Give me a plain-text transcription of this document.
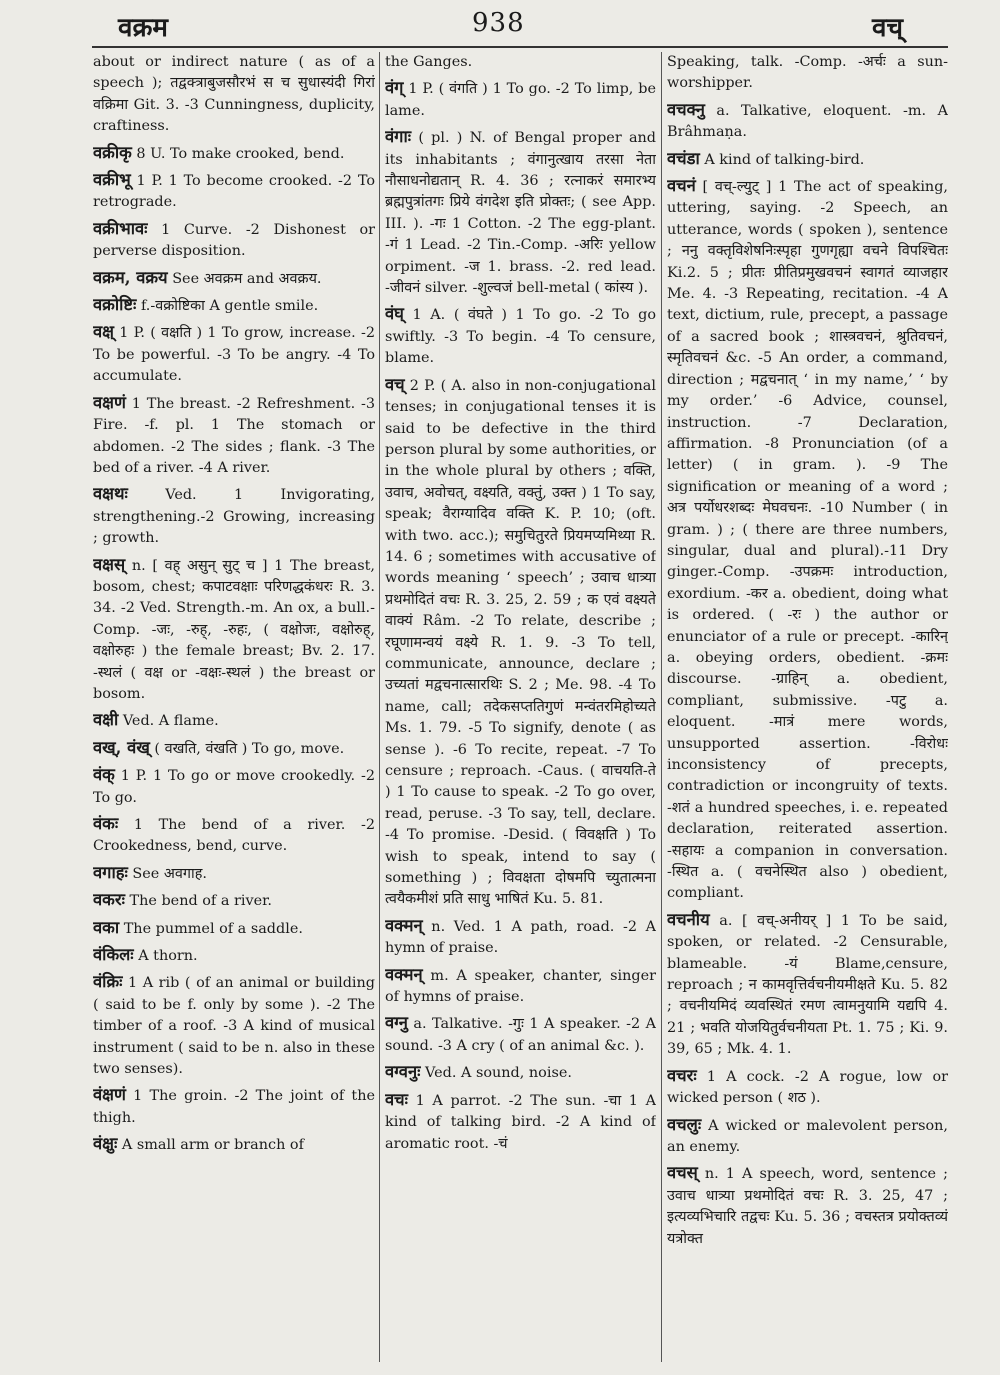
वक्रम	938	वच्

about or indirect nature ( as of a speech ); तद्वक्त्राबुजसौरभं स च सुधास्यंदी गिरां वक्रिमा Git. 3. -3 Cunningness, duplicity, craftiness.

वक्रीकृ 8 U. To make crooked, bend.

वक्रीभू 1 P. 1 To become crooked. -2 To retrograde.

वक्रीभावः 1 Curve. -2 Dishonest or perverse disposition.

वक्रम, वक्रय See अवक्रम and अवक्रय.

वक्रोष्टिः f.-वक्रोष्टिका A gentle smile.

वक्ष् 1 P. ( वक्षति ) 1 To grow, increase. -2 To be powerful. -3 To be angry. -4 To accumulate.

वक्षणं 1 The breast. -2 Refreshment. -3 Fire. -f. pl. 1 The stomach or abdomen. -2 The sides ; flank. -3 The bed of a river. -4 A river.

वक्षथः Ved. 1 Invigorating, strengthening.-2 Growing, increasing ; growth.

वक्षस् n. [ वह् असुन् सुट् च ] 1 The breast, bosom, chest; कपाटवक्षाः परिणद्धकंधरः R. 3. 34. -2 Ved. Strength.-m. An ox, a bull.-Comp. -जः, -रुह्, -रुहः, ( वक्षोजः, वक्षोरुह्, वक्षोरुहः ) the female breast; Bv. 2. 17. -स्थलं ( वक्ष or -वक्षः-स्थलं ) the breast or bosom.

वक्षी Ved. A flame.

वख्, वंख् ( वखति, वंखति ) To go, move.

वंक् 1 P. 1 To go or move crookedly. -2 To go.

वंकः 1 The bend of a river. -2 Crookedness, bend, curve.

वगाहः See अवगाह.

वकरः The bend of a river.

वका The pummel of a saddle.

वंकिलः A thorn.

वंक्रिः 1 A rib ( of an animal or building ( said to be f. only by some ). -2 The timber of a roof. -3 A kind of musical instrument ( said to be n. also in these two senses).

वंक्षणं 1 The groin. -2 The joint of the thigh.

वंक्षुः A small arm or branch of

the Ganges.

वंग् 1 P. ( वंगति ) 1 To go. -2 To limp, be lame.

वंगाः ( pl. ) N. of Bengal proper and its inhabitants ; वंगानुत्खाय तरसा नेता नौसाधनोद्यतान् R. 4. 36 ; रत्नाकरं समारभ्य ब्रह्मपुत्रांतगः प्रिये वंगदेश इति प्रोक्तः; ( see App. III. ). -गः 1 Cotton. -2 The egg-plant. -गं 1 Lead. -2 Tin.-Comp. -अरिः yellow orpiment. -ज 1. brass. -2. red lead. -जीवनं silver. -शुल्वजं bell-metal ( कांस्य ).

वंघ् 1 A. ( वंघते ) 1 To go. -2 To go swiftly. -3 To begin. -4 To censure, blame.

वच् 2 P. ( A. also in non-conjugational tenses; in conjugational tenses it is said to be defective in the third person plural by some authorities, or in the whole plural by others ; वक्ति, उवाच, अवोचत्, वक्ष्यति, वक्तुं, उक्त ) 1 To say, speak; वैराग्यादिव वक्ति K. P. 10; (oft. with two. acc.); समुचितुरते प्रियमप्यमिथ्या R. 14. 6 ; sometimes with accusative of words meaning ‘ speech’ ; उवाच धात्र्या प्रथमोदितं वचः R. 3. 25, 2. 59 ; क एवं वक्ष्यते वाक्यं Râm. -2 To relate, describe ; रघूणामन्वयं वक्ष्ये R. 1. 9. -3 To tell, communicate, announce, declare ; उच्यतां मद्वचनात्सारथिः S. 2 ; Me. 98. -4 To name, call; तदेकसप्ततिगुणं मन्वंतरमिहोच्यते Ms. 1. 79. -5 To signify, denote ( as sense ). -6 To recite, repeat. -7 To censure ; reproach. -Caus. ( वाचयति-ते ) 1 To cause to speak. -2 To go over, read, peruse. -3 To say, tell, declare. -4 To promise. -Desid. ( विवक्षति ) To wish to speak, intend to say ( something ) ; विवक्षता दोषमपि च्युतात्मना त्वयैकमीशं प्रति साधु भाषितं Ku. 5. 81.

वक्मन् n. Ved. 1 A path, road. -2 A hymn of praise.

वक्मन् m. A speaker, chanter, singer of hymns of praise.

वग्नु a. Talkative. -गुः 1 A speaker. -2 A sound. -3 A cry ( of an animal &c. ).

वग्वनुः Ved. A sound, noise.

वचः 1 A parrot. -2 The sun. -चा 1 A kind of talking bird. -2 A kind of aromatic root. -चं

Speaking, talk. -Comp. -अर्चः a sun-worshipper.

वचक्नु a. Talkative, eloquent. -m. A Brâhmaṇa.

वचंडा A kind of talking-bird.

वचनं [ वच्-ल्युट् ] 1 The act of speaking, uttering, saying. -2 Speech, an utterance, words ( spoken ), sentence ; ननु वक्तृविशेषनिःस्पृहा गुणगृह्या वचने विपश्चितः Ki.2. 5 ; प्रीतः प्रीतिप्रमुखवचनं स्वागतं व्याजहार Me. 4. -3 Repeating, recitation. -4 A text, dictium, rule, precept, a passage of a sacred book ; शास्त्रवचनं, श्रुतिवचनं, स्मृतिवचनं &c. -5 An order, a command, direction ; मद्वचनात् ‘ in my name,’ ‘ by my order.’ -6 Advice, counsel, instruction. -7 Declaration, affirmation. -8 Pronunciation (of a letter) ( in gram. ). -9 The signification or meaning of a word ; अत्र पर्योधरशब्दः मेघवचनः. -10 Number ( in gram. ) ; ( there are three numbers, singular, dual and plural).-11 Dry ginger.-Comp. -उपक्रमः introduction, exordium. -कर a. obedient, doing what is ordered. ( -रः ) the author or enunciator of a rule or precept. -कारिन् a. obeying orders, obedient. -क्रमः discourse. -ग्राहिन् a. obedient, compliant, submissive. -पटु a. eloquent. -मात्रं mere words, unsupported assertion. -विरोधः inconsistency of precepts, contradiction or incongruity of texts. -शतं a hundred speeches, i. e. repeated declaration, reiterated assertion. -सहायः a companion in conversation. -स्थित a. ( वचनेस्थित also ) obedient, compliant.

वचनीय a. [ वच्-अनीयर् ] 1 To be said, spoken, or related. -2 Censurable, blameable. -यं Blame,censure, reproach ; न कामवृत्तिर्वचनीयमीक्षते Ku. 5. 82 ; वचनीयमिदं व्यवस्थितं रमण त्वामनुयामि यद्यपि 4. 21 ; भवति योजयितुर्वचनीयता Pt. 1. 75 ; Ki. 9. 39, 65 ; Mk. 4. 1.

वचरः 1 A cock. -2 A rogue, low or wicked person ( शठ ).

वचलुः A wicked or malevolent person, an enemy.

वचस् n. 1 A speech, word, sentence ; उवाच धात्र्या प्रथमोदितं वचः R. 3. 25, 47 ; इत्यव्यभिचारि तद्वचः Ku. 5. 36 ; वचस्तत्र प्रयोक्तव्यं यत्रोक्त
